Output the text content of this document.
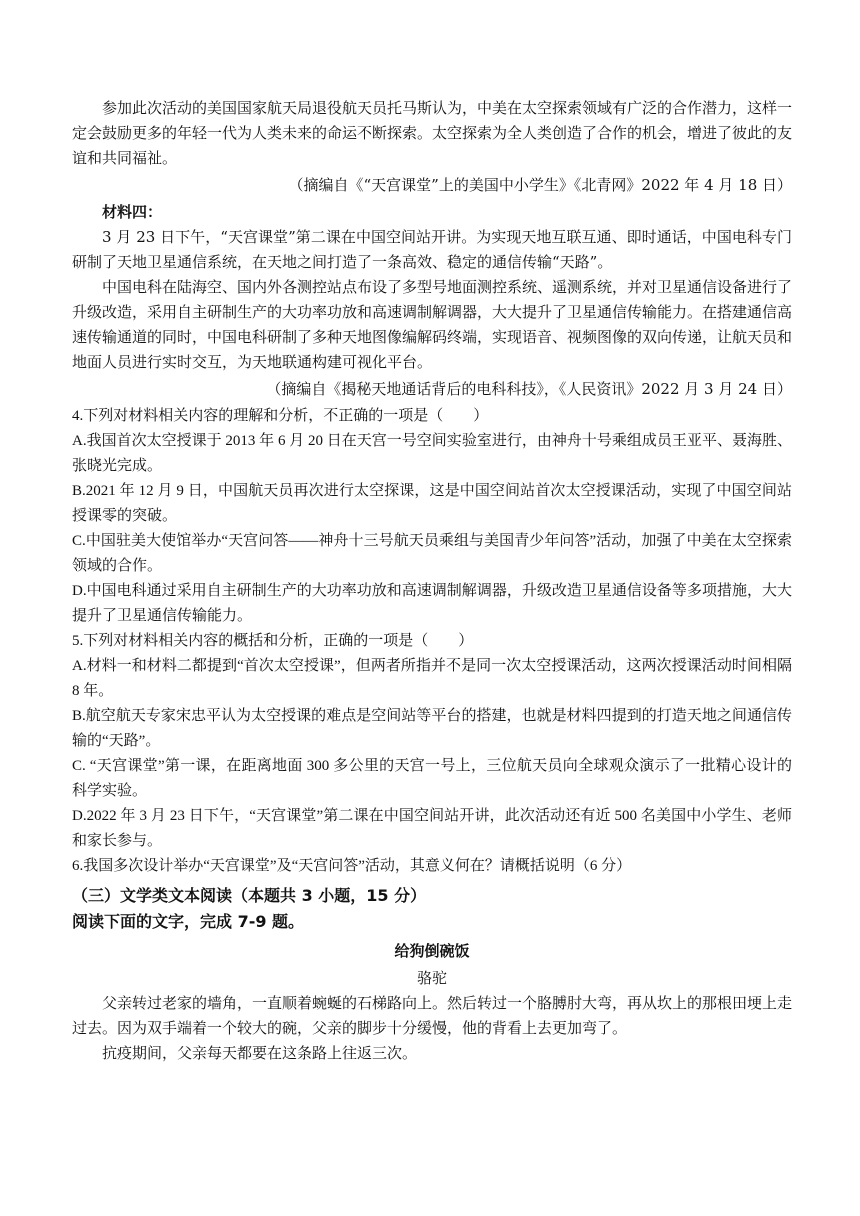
参加此次活动的美国国家航天局退役航天员托马斯认为，中美在太空探索领域有广泛的合作潜力，这样一定会鼓励更多的年轻一代为人类未来的命运不断探索。太空探索为全人类创造了合作的机会，增进了彼此的友谊和共同福祉。

（摘编自《“天宫课堂”上的美国中小学生》《北青网》2022 年 4 月 18 日）

材料四：

3 月 23 日下午，“天宫课堂”第二课在中国空间站开讲。为实现天地互联互通、即时通话，中国电科专门研制了天地卫星通信系统，在天地之间打造了一条高效、稳定的通信传输“天路”。

中国电科在陆海空、国内外各测控站点布设了多型号地面测控系统、遥测系统，并对卫星通信设备进行了升级改造，采用自主研制生产的大功率功放和高速调制解调器，大大提升了卫星通信传输能力。在搭建通信高速传输通道的同时，中国电科研制了多种天地图像编解码终端，实现语音、视频图像的双向传递，让航天员和地面人员进行实时交互，为天地联通构建可视化平台。

（摘编自《揭秘天地通话背后的电科科技》，《人民资讯》2022 月 3 月 24 日）

4.下列对材料相关内容的理解和分析，不正确的一项是（　　）

A.我国首次太空授课于 2013 年 6 月 20 日在天宫一号空间实验室进行，由神舟十号乘组成员王亚平、聂海胜、张晓光完成。

B.2021 年 12 月 9 日，中国航天员再次进行太空探课，这是中国空间站首次太空授课活动，实现了中国空间站授课零的突破。

C.中国驻美大使馆举办“天宫问答——神舟十三号航天员乘组与美国青少年问答”活动，加强了中美在太空探索领域的合作。

D.中国电科通过采用自主研制生产的大功率功放和高速调制解调器，升级改造卫星通信设备等多项措施，大大提升了卫星通信传输能力。

5.下列对材料相关内容的概括和分析，正确的一项是（　　）

A.材料一和材料二都提到“首次太空授课”，但两者所指并不是同一次太空授课活动，这两次授课活动时间相隔 8 年。

B.航空航天专家宋忠平认为太空授课的难点是空间站等平台的搭建，也就是材料四提到的打造天地之间通信传输的“天路”。

C. “天宫课堂”第一课，在距离地面 300 多公里的天宫一号上，三位航天员向全球观众演示了一批精心设计的科学实验。

D.2022 年 3 月 23 日下午，“天宫课堂”第二课在中国空间站开讲，此次活动还有近 500 名美国中小学生、老师和家长参与。

6.我国多次设计举办“天宫课堂”及“天宫问答”活动，其意义何在？请概括说明（6 分）

（三）文学类文本阅读（本题共 3 小题，15 分）

阅读下面的文字，完成 7-9 题。

给狗倒碗饭

骆驼

父亲转过老家的墙角，一直顺着蜿蜒的石梯路向上。然后转过一个胳膊肘大弯，再从坎上的那根田埂上走过去。因为双手端着一个较大的碗，父亲的脚步十分缓慢，他的背看上去更加弯了。

抗疫期间，父亲每天都要在这条路上往返三次。
